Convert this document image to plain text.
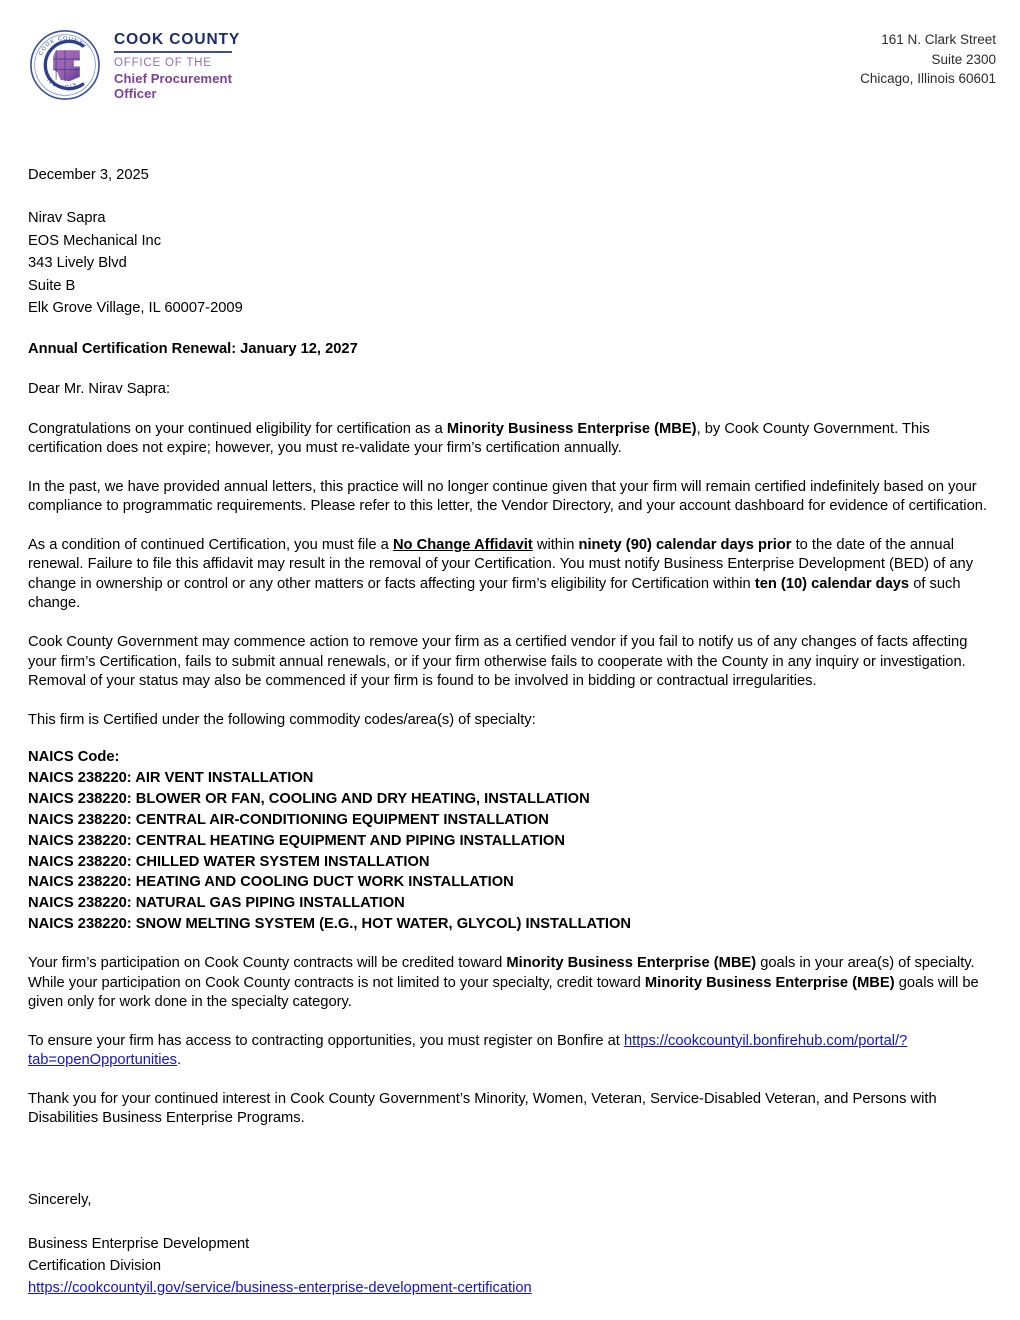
COOK COUNTY
ILLINOIS
COOK COUNTY
OFFICE OF THE
Chief Procurement
Officer
161 N. Clark Street
Suite 2300
Chicago, Illinois 60601
December 3, 2025
Nirav Sapra
EOS Mechanical Inc
343 Lively Blvd
Suite B
Elk Grove Village, IL 60007-2009
Annual Certification Renewal: January 12, 2027
Dear Mr. Nirav Sapra:

Congratulations on your continued eligibility for certification as a Minority Business Enterprise (MBE), by Cook County Government. This certification does not expire; however, you must re-validate your firm’s certification annually.

In the past, we have provided annual letters, this practice will no longer continue given that your firm will remain certified indefinitely based on your compliance to programmatic requirements. Please refer to this letter, the Vendor Directory, and your account dashboard for evidence of certification.

As a condition of continued Certification, you must file a No Change Affidavit within ninety (90) calendar days prior to the date of the annual renewal. Failure to file this affidavit may result in the removal of your Certification. You must notify Business Enterprise Development (BED) of any change in ownership or control or any other matters or facts affecting your firm’s eligibility for Certification within ten (10) calendar days of such change.

Cook County Government may commence action to remove your firm as a certified vendor if you fail to notify us of any changes of facts affecting your firm’s Certification, fails to submit annual renewals, or if your firm otherwise fails to cooperate with the County in any inquiry or investigation. Removal of your status may also be commenced if your firm is found to be involved in bidding or contractual irregularities.

This firm is Certified under the following commodity codes/area(s) of specialty:

NAICS Code:
NAICS 238220: AIR VENT INSTALLATION
NAICS 238220: BLOWER OR FAN, COOLING AND DRY HEATING, INSTALLATION
NAICS 238220: CENTRAL AIR-CONDITIONING EQUIPMENT INSTALLATION
NAICS 238220: CENTRAL HEATING EQUIPMENT AND PIPING INSTALLATION
NAICS 238220: CHILLED WATER SYSTEM INSTALLATION
NAICS 238220: HEATING AND COOLING DUCT WORK INSTALLATION
NAICS 238220: NATURAL GAS PIPING INSTALLATION
NAICS 238220: SNOW MELTING SYSTEM (E.G., HOT WATER, GLYCOL) INSTALLATION

Your firm’s participation on Cook County contracts will be credited toward Minority Business Enterprise (MBE) goals in your area(s) of specialty. While your participation on Cook County contracts is not limited to your specialty, credit toward Minority Business Enterprise (MBE) goals will be given only for work done in the specialty category.

To ensure your firm has access to contracting opportunities, you must register on Bonfire at https://cookcountyil.bonfirehub.com/portal/?tab=openOpportunities.

Thank you for your continued interest in Cook County Government’s Minority, Women, Veteran, Service-Disabled Veteran, and Persons with Disabilities Business Enterprise Programs.

Sincerely,
Business Enterprise Development
Certification Division
https://cookcountyil.gov/service/business-enterprise-development-certification
